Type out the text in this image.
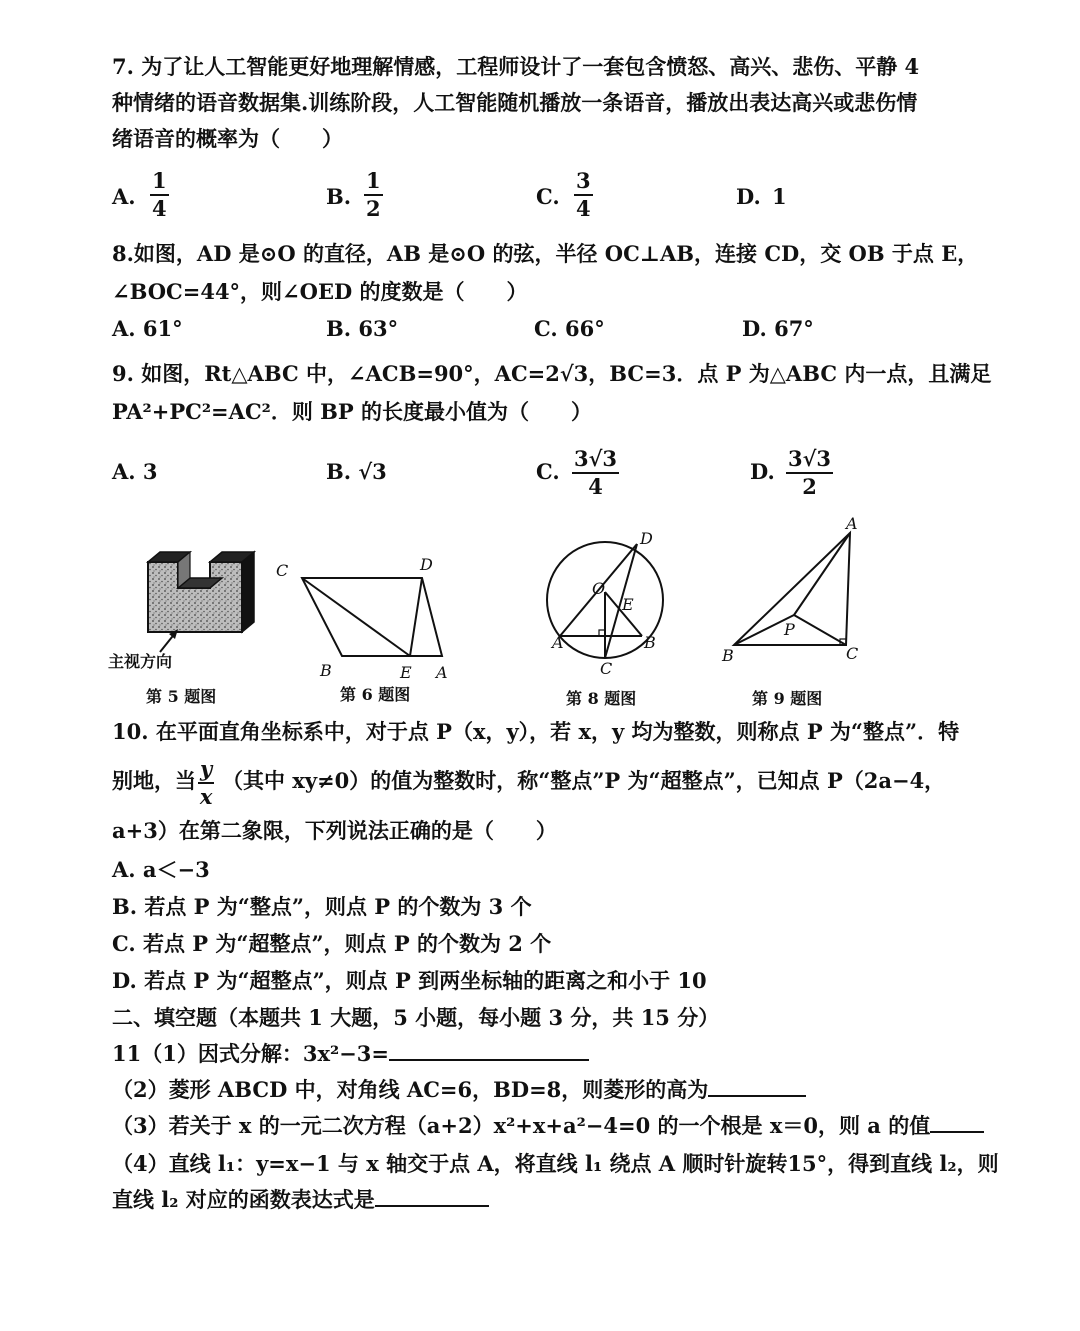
7. 为了让人工智能更好地理解情感，工程师设计了一套包含愤怒、高兴、悲伤、平静 4
种情绪的语音数据集.训练阶段，人工智能随机播放一条语音，播放出表达高兴或悲伤情
绪语音的概率为（　　）
A.
1
4	B.
1
2	C.
3
4	D. 1
8.如图，AD 是⊙O 的直径，AB 是⊙O 的弦，半径 OC⊥AB，连接 CD，交 OB 于点 E，
∠BOC=44°，则∠OED 的度数是（　　）
A. 61°	B. 63°	C. 66°	D. 67°
9. 如图，Rt△ABC 中，∠ACB=90°，AC=2√3，BC=3．点 P 为△ABC 内一点，且满足
PA²+PC²=AC²．则 BP 的长度最小值为（　　）
A. 3	B. √3	C.
3√3
4
D.
3√3
2
主视方向
第 5 题图
C	D
B	E A
第 6 题图
D
O
E
A	B
C
第 8 题图
A
P
B	C
第 9 题图
10. 在平面直角坐标系中，对于点 P（x，y），若 x，y 均为整数，则称点 P 为“整点”．特
别地，当 y
x
（其中 xy≠0）的值为整数时，称“整点”P 为“超整点”，已知点 P（2a−4，
a+3）在第二象限，下列说法正确的是（　　）
A. a＜−3
B. 若点 P 为“整点”，则点 P 的个数为 3 个
C. 若点 P 为“超整点”，则点 P 的个数为 2 个
D. 若点 P 为“超整点”，则点 P 到两坐标轴的距离之和小于 10
二、填空题（本题共 1 大题，5 小题，每小题 3 分，共 15 分）
11（1）因式分解：3x²−3=
（2）菱形 ABCD 中，对角线 AC=6，BD=8，则菱形的高为
（3）若关于 x 的一元二次方程（a+2）x²+x+a²−4=0 的一个根是 x＝0，则 a 的值
（4）直线 l₁：y=x−1 与 x 轴交于点 A，将直线 l₁ 绕点 A 顺时针旋转15°，得到直线 l₂，则
直线 l₂ 对应的函数表达式是
